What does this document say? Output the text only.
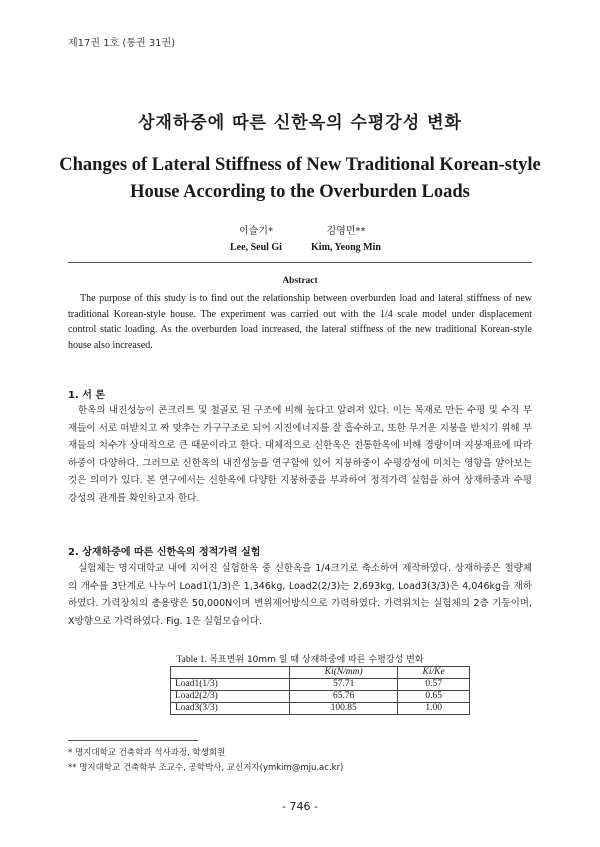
제17권 1호 (통권 31권)
상재하중에 따른 신한옥의 수평강성 변화
Changes of Lateral Stiffness of New Traditional Korean-style
House According to the Overburden Loads
이슬기*
Lee, Seul Gi
김영민**
Kim, Yeong Min
Abstract
The purpose of this study is to find out the relationship between overburden load and lateral stiffness of new traditional Korean-style house. The experiment was carried out with the 1/4 scale model under displacement control static loading. As the overburden load increased, the lateral stiffness of the new traditional Korean-style house also increased.
1. 서 론
한옥의 내진성능이 콘크리트 및 철골로 된 구조에 비해 높다고 알려져 있다. 이는 목재로 만든 수평 및 수직 부재들이 서로 떠받치고 짜 맞추는 가구구조로 되어 지진에너지를 잘 흡수하고, 또한 무거운 지붕을 받치기 위해 부재들의 치수가 상대적으로 큰 때문이라고 한다. 대체적으로 신한옥은 전통한옥에 비해 경량이며 지붕재료에 따라 하중이 다양하다. 그러므로 신한옥의 내진성능을 연구함에 있어 지붕하중이 수평강성에 미치는 영향을 알아보는 것은 의미가 있다. 본 연구에서는 신한옥에 다양한 지붕하중을 부과하여 정적가력 실험을 하여 상재하중과 수평강성의 관계를 확인하고자 한다.
2. 상재하중에 따른 신한옥의 정적가력 실험
실험체는 명지대학교 내에 지어진 실험한옥 중 신한옥을 1/4크기로 축소하여 제작하였다. 상재하중은 철량체의 개수를 3단계로 나누어 Load1(1/3)은 1,346kg, Load2(2/3)는 2,693kg, Load3(3/3)은 4,046kg을 재하하였다. 가력장치의 총용량은 50,000N이며 변위제어방식으로 가력하였다. 가력위치는 실험체의 2층 기둥이며, X방향으로 가력하였다. Fig. 1은 실험모습이다.
Table 1. 목표변위 10mm 일 때 상재하중에 따른 수평강성 변화
	Ki(N/mm)	Ki/Ke
Load1(1/3)	57.71	0.57
Load2(2/3)	65.76	0.65
Load3(3/3)	100.85	1.00
* 명지대학교 건축학과 석사과정, 학생회원
** 명지대학교 건축학부 조교수, 공학박사, 교신저자(ymkim@mju.ac.kr)
- 746 -
